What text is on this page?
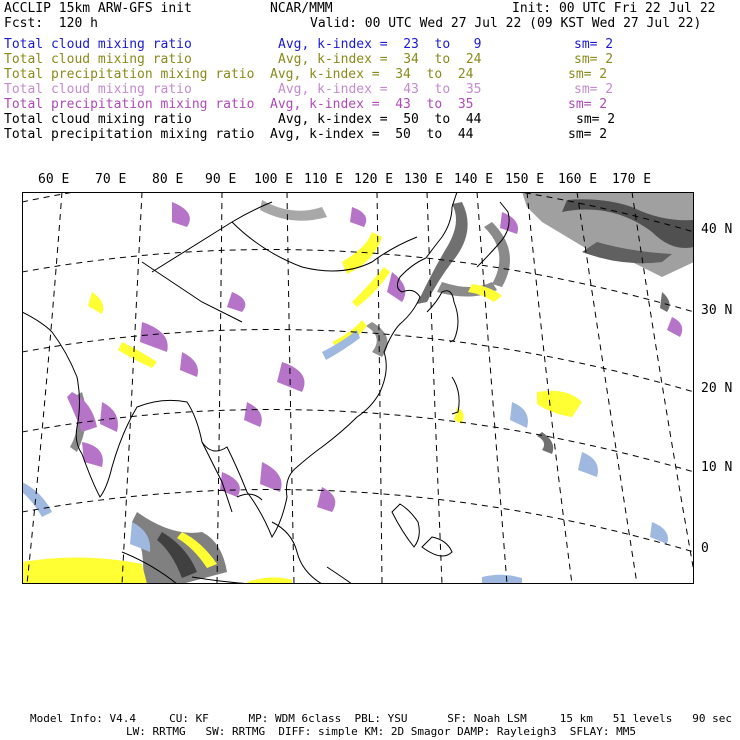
ACCLIP 15km ARW-GFS init	NCAR/MMM	Init: 00 UTC Fri 22 Jul 22
Fcst:  120 h	Valid: 00 UTC Wed 27 Jul 22 (09 KST Wed 27 Jul 22)
Total cloud mixing ratio	Avg, k-index =  23  to   9	sm= 2
Total cloud mixing ratio	Avg, k-index =  34  to  24	sm= 2
Total precipitation mixing ratio Avg, k-index =  34  to  24	sm= 2
Total cloud mixing ratio	Avg, k-index =  43  to  35	sm= 2
Total precipitation mixing ratio Avg, k-index =  43  to  35	sm= 2
Total cloud mixing ratio	Avg, k-index =  50  to  44	sm= 2
Total precipitation mixing ratio Avg, k-index =  50  to  44	sm= 2
60 E 70 E 80 E 90 E 100 E 110 E 120 E 130 E 140 E 150 E 160 E 170 E
40 N
30 N
20 N
10 N
0
Model Info: V4.4     CU: KF      MP: WDM 6class  PBL: YSU      SF: Noah LSM     15 km   51 levels   90 sec
LW: RRTMG   SW: RRTMG  DIFF: simple KM: 2D Smagor DAMP: Rayleigh3  SFLAY: MM5
